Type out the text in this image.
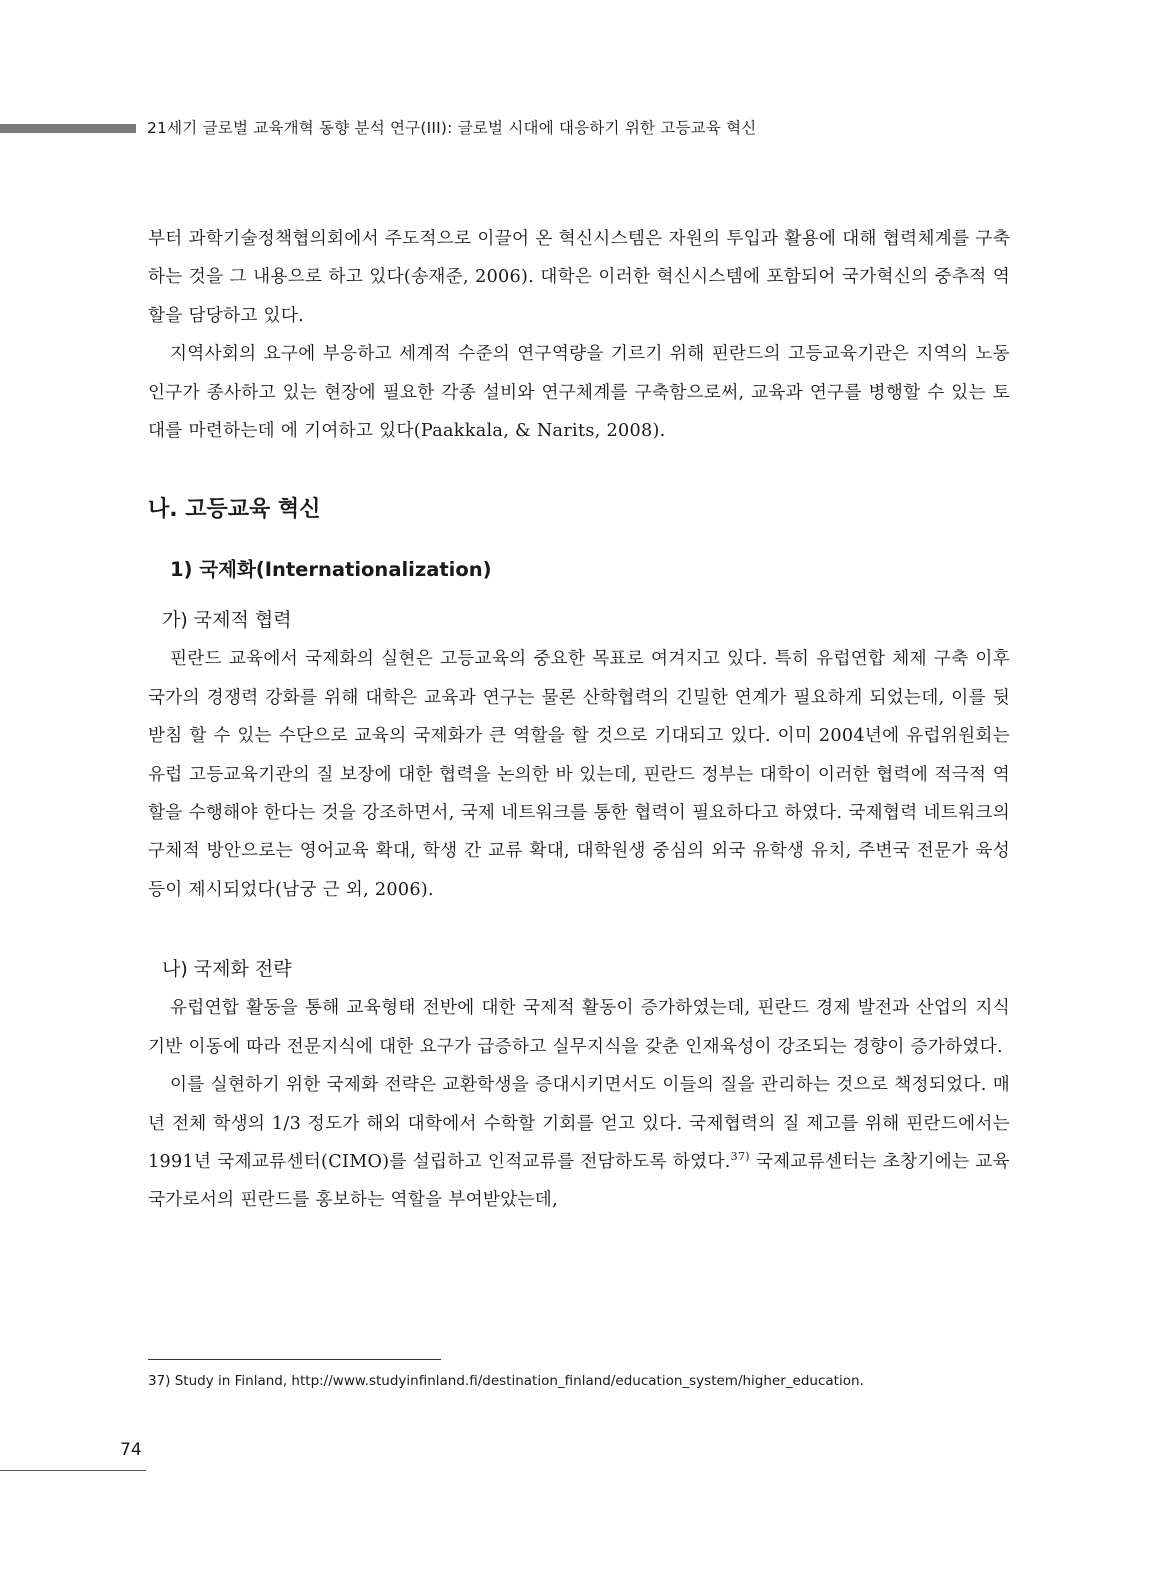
21세기 글로벌 교육개혁 동향 분석 연구(III): 글로벌 시대에 대응하기 위한 고등교육 혁신

부터 과학기술정책협의회에서 주도적으로 이끌어 온 혁신시스템은 자원의 투입과 활용에 대해 협력체계를 구축하는 것을 그 내용으로 하고 있다(송재준, 2006). 대학은 이러한 혁신시스템에 포함되어 국가혁신의 중추적 역할을 담당하고 있다.

지역사회의 요구에 부응하고 세계적 수준의 연구역량을 기르기 위해 핀란드의 고등교육기관은 지역의 노동인구가 종사하고 있는 현장에 필요한 각종 설비와 연구체계를 구축함으로써, 교육과 연구를 병행할 수 있는 토대를 마련하는데 에 기여하고 있다(Paakkala, & Narits, 2008).

나. 고등교육 혁신
1) 국제화(Internationalization)
가) 국제적 협력

핀란드 교육에서 국제화의 실현은 고등교육의 중요한 목표로 여겨지고 있다. 특히 유럽연합 체제 구축 이후 국가의 경쟁력 강화를 위해 대학은 교육과 연구는 물론 산학협력의 긴밀한 연계가 필요하게 되었는데, 이를 뒷받침 할 수 있는 수단으로 교육의 국제화가 큰 역할을 할 것으로 기대되고 있다. 이미 2004년에 유럽위원회는 유럽 고등교육기관의 질 보장에 대한 협력을 논의한 바 있는데, 핀란드 정부는 대학이 이러한 협력에 적극적 역할을 수행해야 한다는 것을 강조하면서, 국제 네트워크를 통한 협력이 필요하다고 하였다. 국제협력 네트워크의 구체적 방안으로는 영어교육 확대, 학생 간 교류 확대, 대학원생 중심의 외국 유학생 유치, 주변국 전문가 육성 등이 제시되었다(남궁 근 외, 2006).

나) 국제화 전략

유럽연합 활동을 통해 교육형태 전반에 대한 국제적 활동이 증가하였는데, 핀란드 경제 발전과 산업의 지식기반 이동에 따라 전문지식에 대한 요구가 급증하고 실무지식을 갖춘 인재육성이 강조되는 경향이 증가하였다.

이를 실현하기 위한 국제화 전략은 교환학생을 증대시키면서도 이들의 질을 관리하는 것으로 책정되었다. 매년 전체 학생의 1/3 정도가 해외 대학에서 수학할 기회를 얻고 있다. 국제협력의 질 제고를 위해 핀란드에서는 1991년 국제교류센터(CIMO)를 설립하고 인적교류를 전담하도록 하였다.$^{37)}$ 국제교류센터는 초창기에는 교육국가로서의 핀란드를 홍보하는 역할을 부여받았는데,

37) Study in Finland, http://www.studyinfinland.fi/destination_finland/education_system/higher_education.
74
